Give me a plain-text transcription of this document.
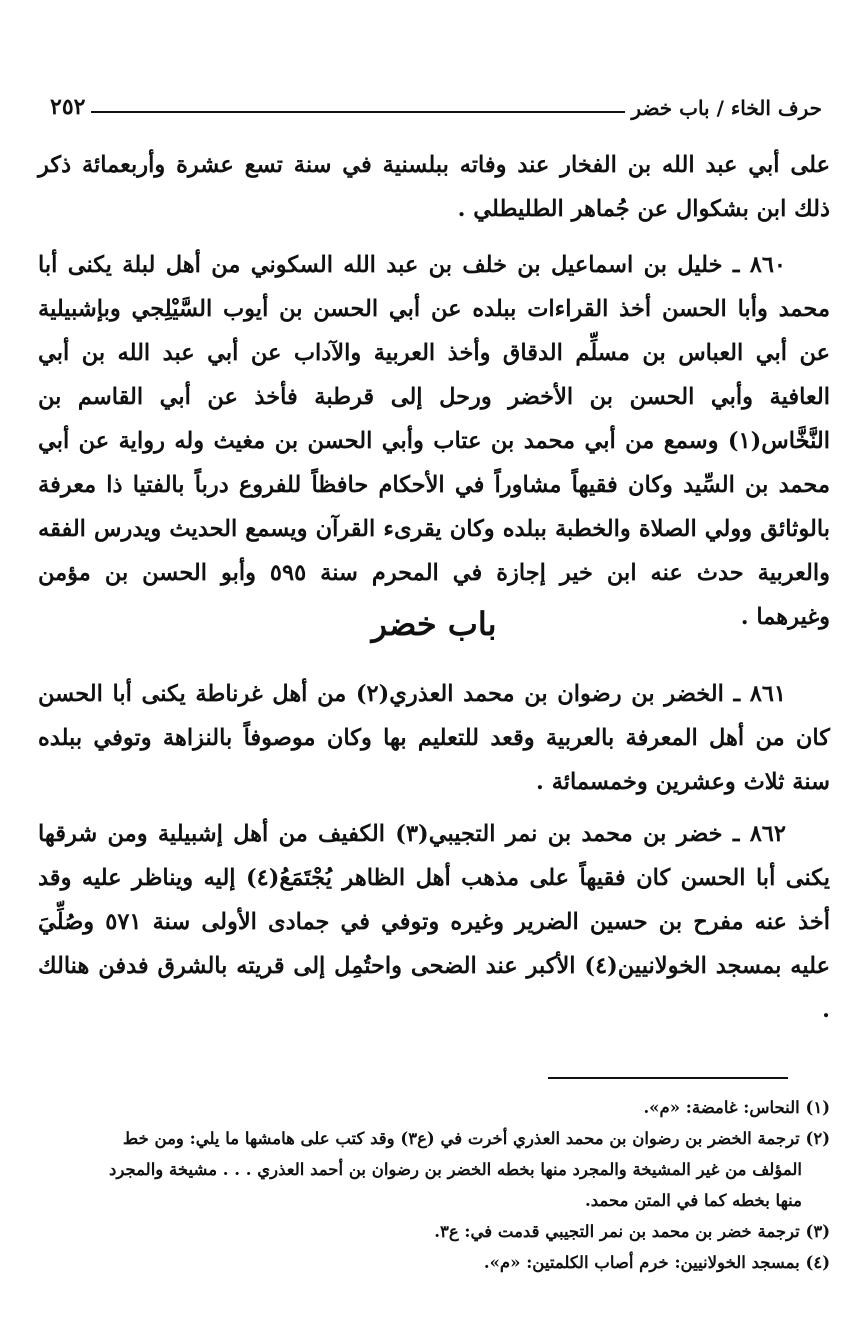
حرف الخاء / باب خضر
٢٥٢
على أبي عبد الله بن الفخار عند وفاته ببلسنية في سنة تسع عشرة وأربعمائة ذكر ذلك ابن بشكوال عن جُماهر الطليطلي .
٨٦٠ ـ خليل بن اسماعيل بن خلف بن عبد الله السكوني من أهل لبلة يكنى أبا محمد وأبا الحسن أخذ القراءات ببلده عن أبي الحسن بن أيوب السَّيْلِجي وبإشبيلية عن أبي العباس بن مسلِّم الدقاق وأخذ العربية والآداب عن أبي عبد الله بن أبي العافية وأبي الحسن بن الأخضر ورحل إلى قرطبة فأخذ عن أبي القاسم بن النَّخَّاس(١) وسمع من أبي محمد بن عتاب وأبي الحسن بن مغيث وله رواية عن أبي محمد بن السِّيد وكان فقيهاً مشاوراً في الأحكام حافظاً للفروع درباً بالفتيا ذا معرفة بالوثائق وولي الصلاة والخطبة ببلده وكان يقرىء القرآن ويسمع الحديث ويدرس الفقه والعربية حدث عنه ابن خير إجازة في المحرم سنة ٥٩٥ وأبو الحسن بن مؤمن وغيرهما .
باب خضر
٨٦١ ـ الخضر بن رضوان بن محمد العذري(٢) من أهل غرناطة يكنى أبا الحسن كان من أهل المعرفة بالعربية وقعد للتعليم بها وكان موصوفاً بالنزاهة وتوفي ببلده سنة ثلاث وعشرين وخمسمائة .
٨٦٢ ـ خضر بن محمد بن نمر التجيبي(٣) الكفيف من أهل إشبيلية ومن شرقها يكنى أبا الحسن كان فقيهاً على مذهب أهل الظاهر يُجْتَمَعُ(٤) إليه ويناظر عليه وقد أخذ عنه مفرح بن حسين الضرير وغيره وتوفي في جمادى الأولى سنة ٥٧١ وصُلِّيَ عليه بمسجد الخولانيين(٤) الأكبر عند الضحى واحتُمِل إلى قريته بالشرق فدفن هنالك .
(١) النحاس: غامضة: «م».
(٢) ترجمة الخضر بن رضوان بن محمد العذري أخرت في (ع٣) وقد كتب على هامشها ما يلي: ومن خط
المؤلف من غير المشيخة والمجرد منها بخطه الخضر بن رضوان بن أحمد العذري . . . مشيخة والمجرد
منها بخطه كما في المتن محمد.
(٣) ترجمة خضر بن محمد بن نمر التجيبي قدمت في: ع٣.
(٤) بمسجد الخولانيين: خرم أصاب الكلمتين: «م».
